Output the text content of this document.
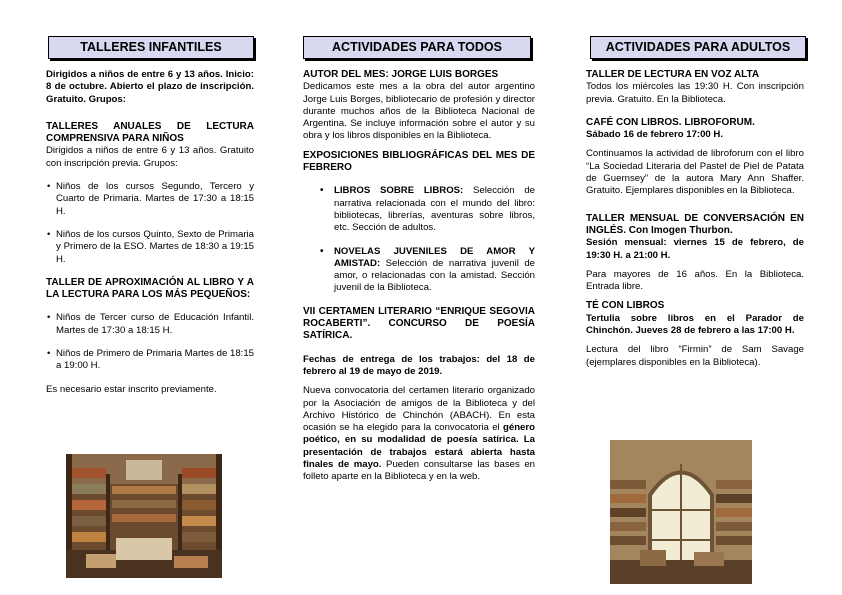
TALLERES INFANTILES

Dirigidos a niños de entre 6 y 13 años. Inicio: 8 de octubre. Abierto el plazo de inscripción. Gratuito. Grupos:

TALLERES ANUALES DE LECTURA COMPRENSIVA PARA NIÑOS

Dirigidos a niños de entre 6 y 13 años. Gratuito con inscripción previa. Grupos:

• Niños de los cursos Segundo, Tercero y Cuarto de Primaria. Martes de 17:30 a 18:15 H.
• Niños de los cursos Quinto, Sexto de Primaria y Primero de la ESO. Martes de 18:30 a 19:15 H.

TALLER DE APROXIMACIÓN AL LIBRO Y A LA LECTURA PARA LOS MÁS PEQUEÑOS:

• Niños de Tercer curso de Educación Infantil. Martes de 17:30 a 18:15 H.
• Niños de Primero de Primaria Martes de 18:15 a 19:00 H.

Es necesario estar inscrito previamente.

ACTIVIDADES PARA TODOS

AUTOR DEL MES: JORGE LUIS BORGES

Dedicamos este mes a la obra del autor argentino Jorge Luis Borges, bibliotecario de profesión y director durante muchos años de la Biblioteca Nacional de Argentina. Se incluye información sobre el autor y su obra y los libros disponibles en la Biblioteca.

EXPOSICIONES BIBLIOGRÁFICAS DEL MES DE FEBRERO

• LIBROS SOBRE LIBROS: Selección de narrativa relacionada con el mundo del libro: bibliotecas, librerías, aventuras sobre libros, etc. Sección de adultos.
• NOVELAS JUVENILES DE AMOR Y AMISTAD: Selección de narrativa juvenil de amor, o relacionadas con la amistad. Sección juvenil de la Biblioteca.

VII CERTAMEN LITERARIO “ENRIQUE SEGOVIA ROCABERTI”. CONCURSO DE POESÍA SATÍRICA.

Fechas de entrega de los trabajos: del 18 de febrero al 19 de mayo de 2019.

Nueva convocatoria del certamen literario organizado por la Asociación de amigos de la Biblioteca y del Archivo Histórico de Chinchón (ABACH). En esta ocasión se ha elegido para la convocatoria el género poético, en su modalidad de poesía satírica. La presentación de trabajos estará abierta hasta finales de mayo. Pueden consultarse las bases en folleto aparte en la Biblioteca y en la web.

ACTIVIDADES PARA ADULTOS

TALLER DE LECTURA EN VOZ ALTA

Todos los miércoles las 19:30 H. Con inscripción previa. Gratuito. En la Biblioteca.

CAFÉ CON LIBROS. LIBROFORUM.

Sábado 16 de febrero 17:00 H.

Continuamos la actividad de libroforum con el libro “La Sociedad Literaria del Pastel de Piel de Patata de Guernsey” de la autora Mary Ann Shaffer. Gratuito. Ejemplares disponibles en la Biblioteca.

TALLER MENSUAL DE CONVERSACIÓN EN INGLÉS. Con Imogen Thurbon.

Sesión mensual: viernes 15 de febrero, de 19:30 H. a 21:00 H.

Para mayores de 16 años. En la Biblioteca. Entrada libre.

TÉ CON LIBROS

Tertulia sobre libros en el Parador de Chinchón. Jueves 28 de febrero a las 17:00 H.

Lectura del libro “Firmin” de Sam Savage (ejemplares disponibles en la Biblioteca).
